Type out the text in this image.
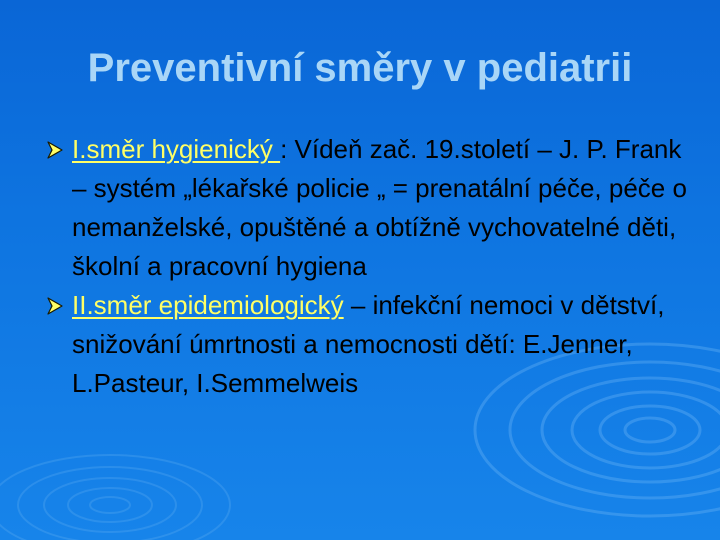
Preventivní směry v pediatrii
I.směr hygienický : Vídeň zač. 19.století – J. P. Frank – systém „lékařské policie „ = prenatální péče, péče o nemanželské, opuštěné a obtížně vychovatelné děti, školní a pracovní hygiena
II.směr epidemiologický – infekční nemoci v dětství, snižování úmrtnosti a nemocnosti dětí: E.Jenner, L.Pasteur, I.Semmelweis
